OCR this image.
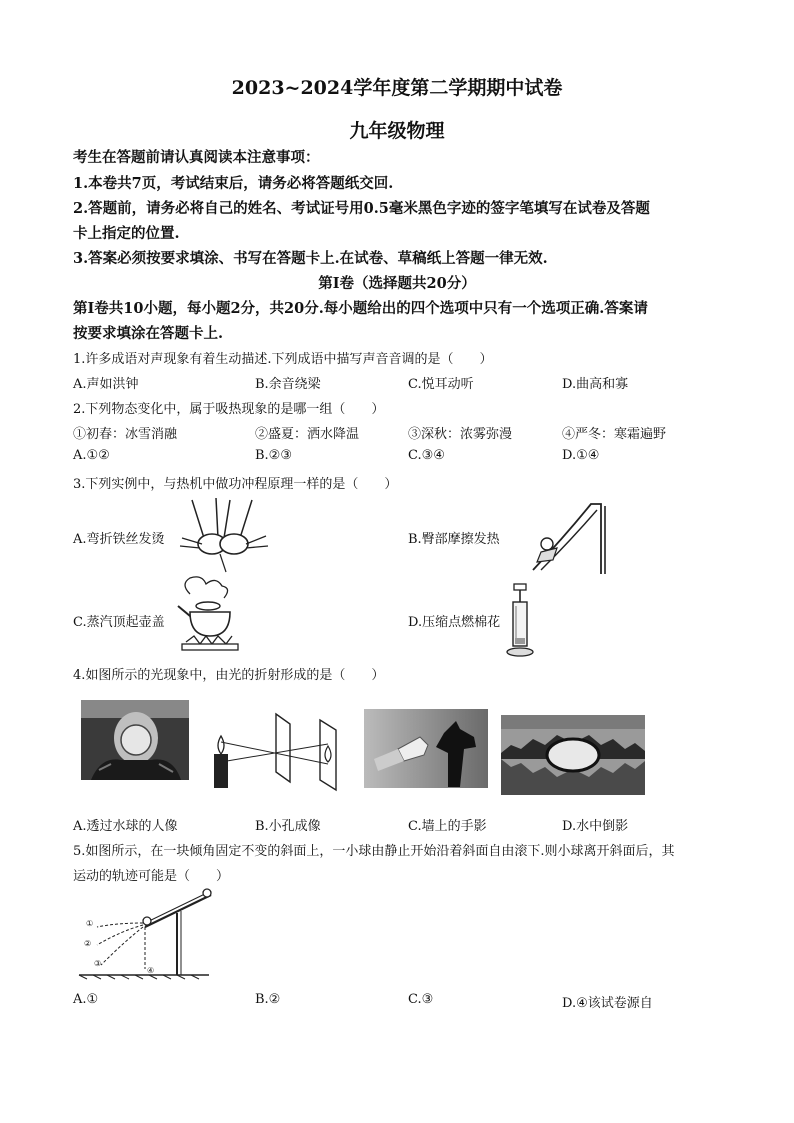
2023~2024学年度第二学期期中试卷
九年级物理
考生在答题前请认真阅读本注意事项：
1.本卷共7页，考试结束后，请务必将答题纸交回.
2.答题前，请务必将自己的姓名、考试证号用0.5毫米黑色字迹的签字笔填写在试卷及答题
卡上指定的位置.
3.答案必须按要求填涂、书写在答题卡上.在试卷、草稿纸上答题一律无效.
第Ⅰ卷（选择题共20分）
第Ⅰ卷共10小题，每小题2分，共20分.每小题给出的四个选项中只有一个选项正确.答案请
按要求填涂在答题卡上.
1.许多成语对声现象有着生动描述.下列成语中描写声音音调的是（　　）
A.声如洪钟	B.余音绕梁	C.悦耳动听	D.曲高和寡
2.下列物态变化中，属于吸热现象的是哪一组（　　）
①初春：冰雪消融	②盛夏：洒水降温	③深秋：浓雾弥漫	④严冬：寒霜遍野
A.①②	B.②③	C.③④	D.①④
3.下列实例中，与热机中做功冲程原理一样的是（　　）
A.弯折铁丝发烫	B.臀部摩擦发热
C.蒸汽顶起壶盖	D.压缩点燃棉花
4.如图所示的光现象中，由光的折射形成的是（　　）
A.透过水球的人像	B.小孔成像	C.墙上的手影	D.水中倒影
5.如图所示，在一块倾角固定不变的斜面上，一小球由静止开始沿着斜面自由滚下.则小球离开斜面后，其
运动的轨迹可能是（　　）
①
②
③
④
A.①	B.②	C.③	D.④该试卷源自
